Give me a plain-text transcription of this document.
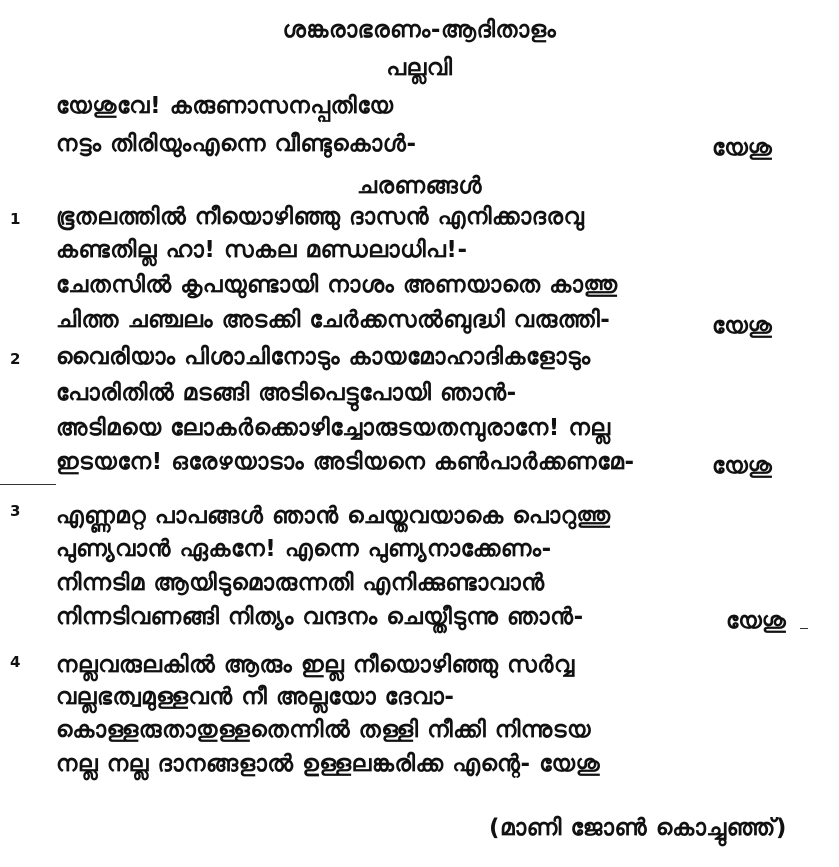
ശങ്കരാഭരണം-ആദിതാളം
പല്ലവി
യേശുവേ! കരുണാസനപ്പതിയേ
നട്ടം തിരിയുംഎന്നെ വീണ്ടുകൊൾ-	യേശു
ചരണങ്ങൾ
1 ഭൂതലത്തിൽ നീയൊഴിഞ്ഞു ദാസൻ എനിക്കാദരവു
കണ്ടതില്ല ഹാ! സകല മണ്ഡലാധിപ!-
ചേതസിൽ കൃപയുണ്ടായി നാശം അണയാതെ കാത്തു
ചിത്ത ചഞ്ചലം അടക്കി ചേർക്കസൽബുദ്ധി വരുത്തി-	യേശു
2 വൈരിയാം പിശാചിനോടും കായമോഹാദികളോടും
പോരിതിൽ മടങ്ങി അടിപെട്ടുപോയി ഞാൻ-
അടിമയെ ലോകർക്കൊഴിച്ചോരുടയതമ്പുരാനേ! നല്ല
ഇടയനേ! ഒരേഴയാടാം അടിയനെ കൺപാർക്കണമേ-	യേശു
3 എണ്ണമറ്റ പാപങ്ങൾ ഞാൻ ചെയ്തവയാകെ പൊറുത്തു
പുണ്യവാൻ ഏകനേ! എന്നെ പുണ്യനാക്കേണം-
നിന്നടിമ ആയിടുമൊരുന്നതി എനിക്കുണ്ടാവാൻ
നിന്നടിവണങ്ങി നിത്യം വന്ദനം ചെയ്തീടുന്നു ഞാൻ-	യേശു
4 നല്ലവരുലകിൽ ആരും ഇല്ല നീയൊഴിഞ്ഞു സർവ്വ
വല്ലഭത്വമുള്ളവൻ നീ അല്ലയോ ദേവാ-
കൊള്ളരുതാതുള്ളതെന്നിൽ തള്ളി നീക്കി നിന്നുടയ
നല്ല നല്ല ദാനങ്ങളാൽ ഉള്ളലങ്കരിക്ക എന്റെ- യേശു
(മാണി ജോൺ കൊച്ചുഞ്ഞ്)
